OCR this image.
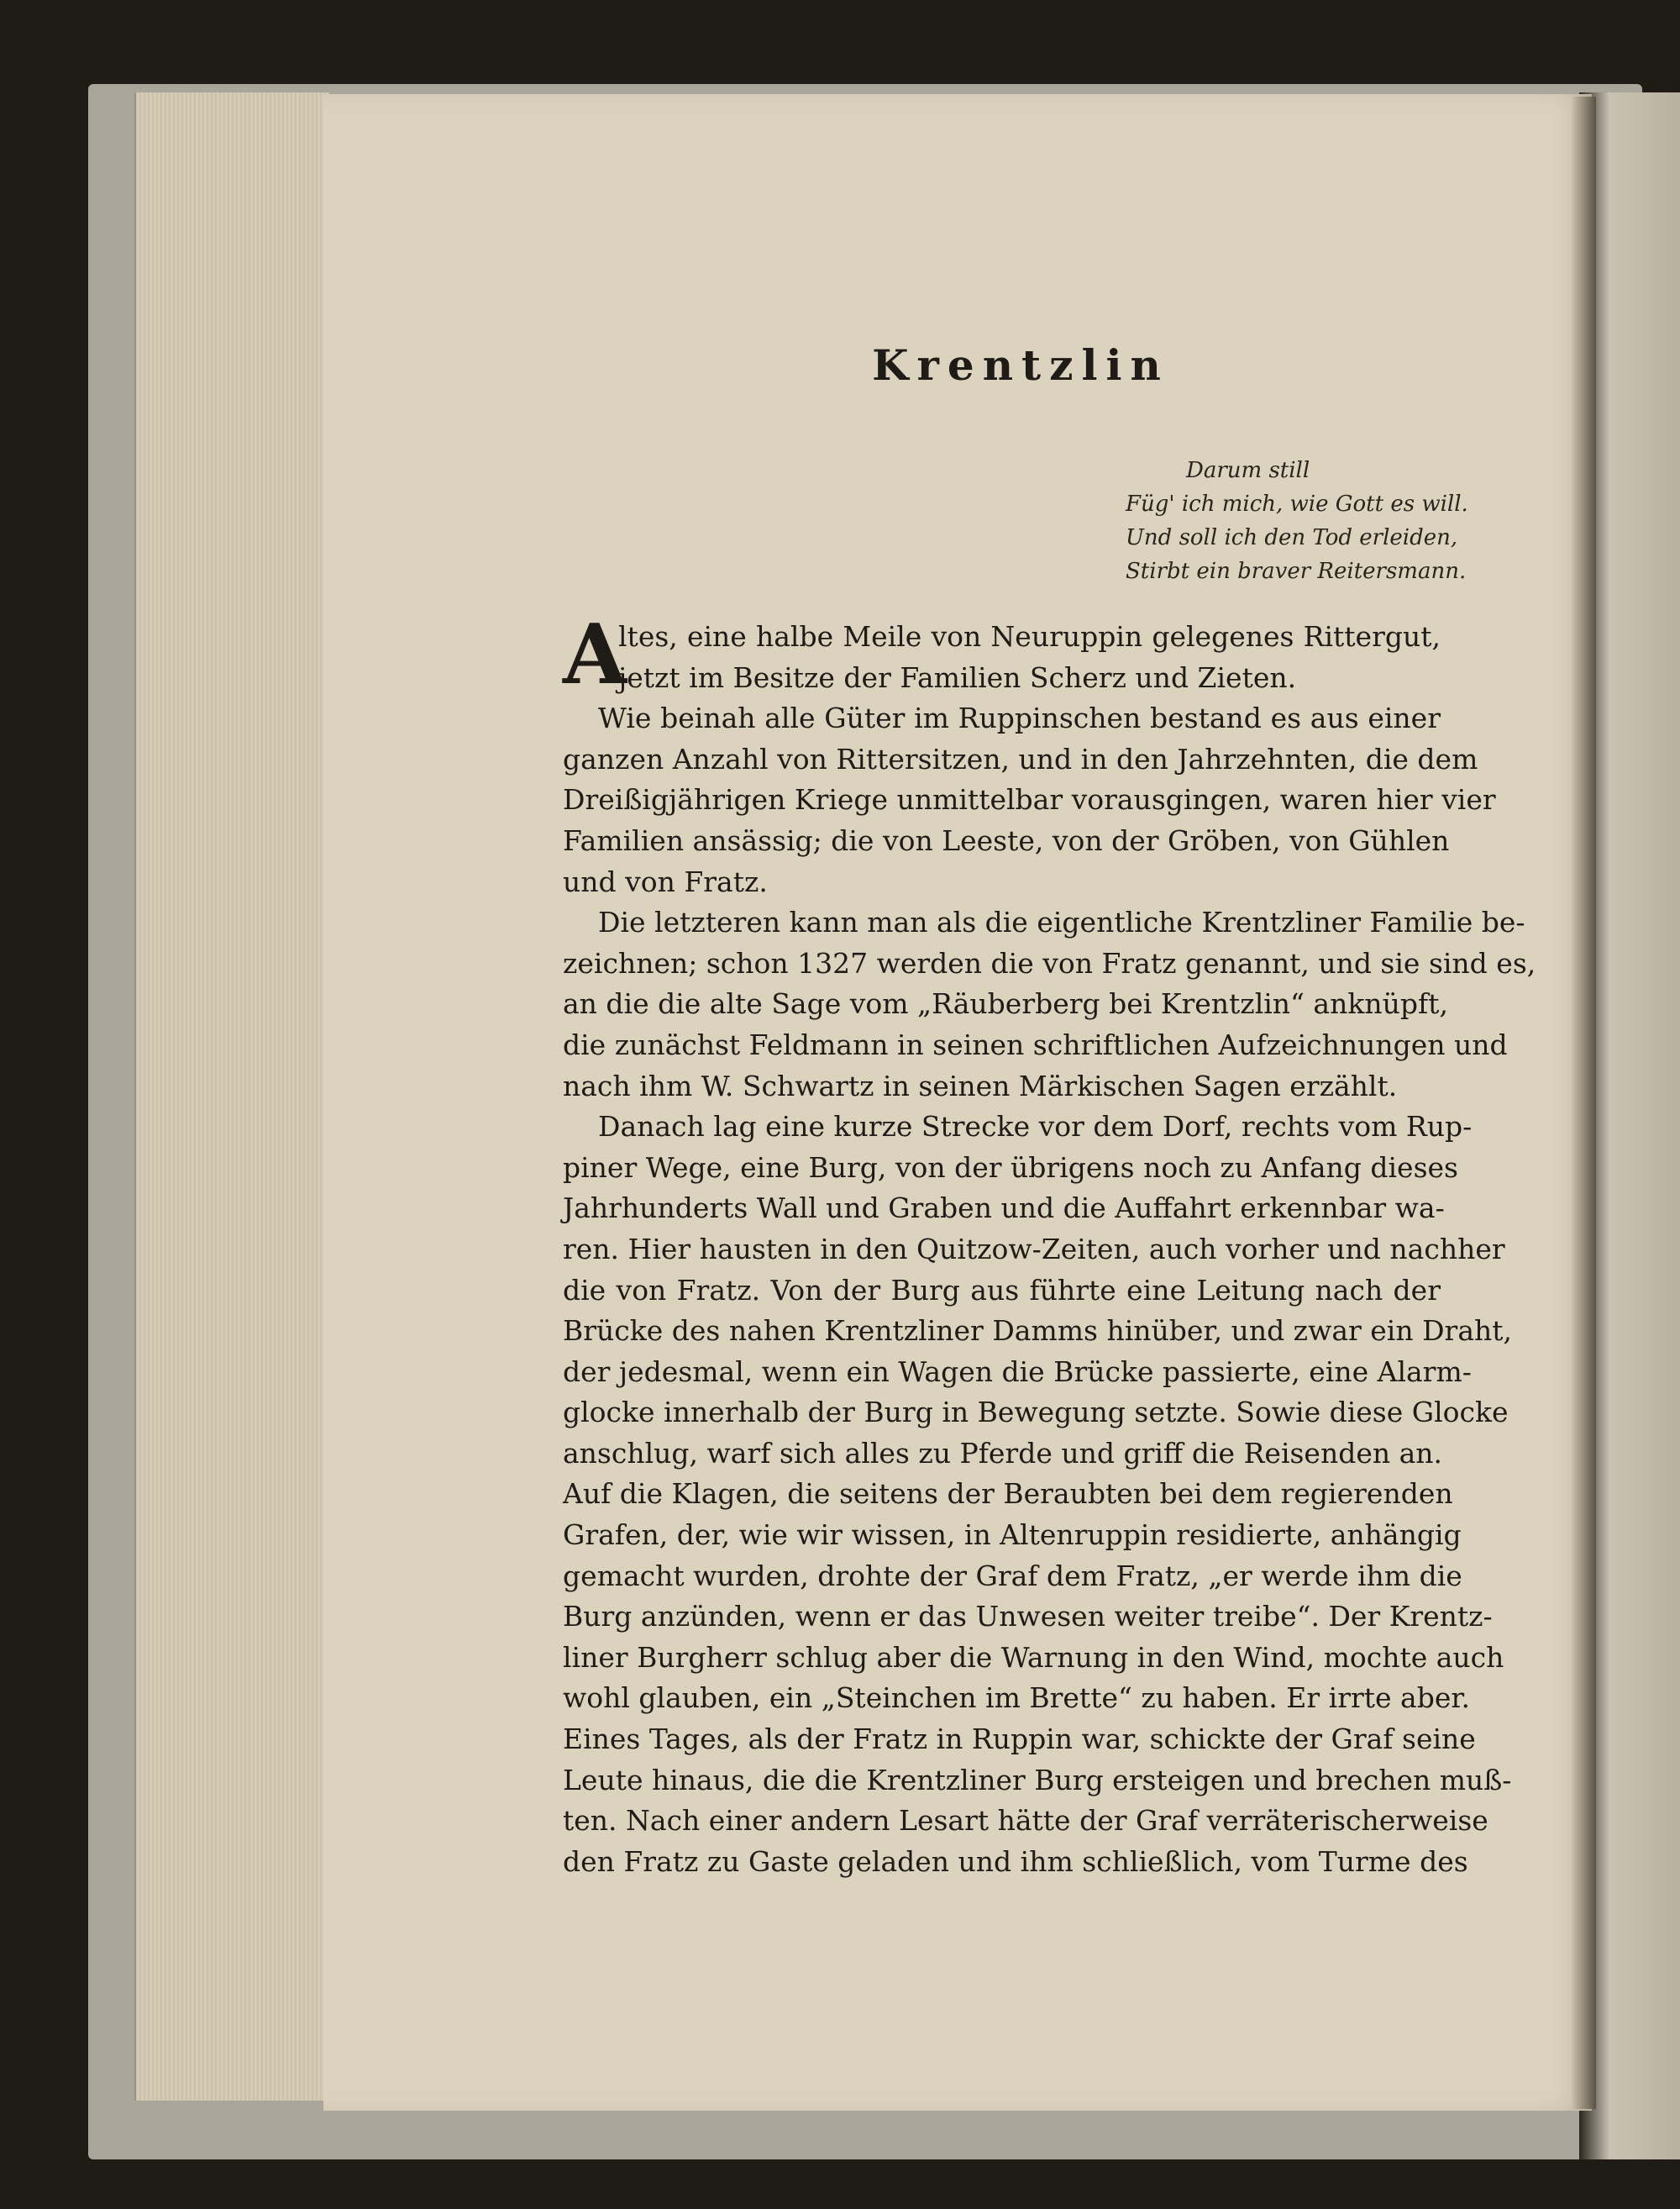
Krentzlin
Darum still
Füg' ich mich, wie Gott es will.
Und soll ich den Tod erleiden,
Stirbt ein braver Reitersmann.
A
ltes, eine halbe Meile von Neuruppin gelegenes Rittergut,
jetzt im Besitze der Familien Scherz und Zieten.
Wie beinah alle Güter im Ruppinschen bestand es aus einer
ganzen Anzahl von Rittersitzen, und in den Jahrzehnten, die dem
Dreißigjährigen Kriege unmittelbar vorausgingen, waren hier vier
Familien ansässig; die von Leeste, von der Gröben, von Gühlen
und von Fratz.
Die letzteren kann man als die eigentliche Krentzliner Familie be-
zeichnen; schon 1327 werden die von Fratz genannt, und sie sind es,
an die die alte Sage vom „Räuberberg bei Krentzlin“ anknüpft,
die zunächst Feldmann in seinen schriftlichen Aufzeichnungen und
nach ihm W. Schwartz in seinen Märkischen Sagen erzählt.
Danach lag eine kurze Strecke vor dem Dorf, rechts vom Rup-
piner Wege, eine Burg, von der übrigens noch zu Anfang dieses
Jahrhunderts Wall und Graben und die Auffahrt erkennbar wa-
ren. Hier hausten in den Quitzow-Zeiten, auch vorher und nachher
die von Fratz. Von der Burg aus führte eine Leitung nach der
Brücke des nahen Krentzliner Damms hinüber, und zwar ein Draht,
der jedesmal, wenn ein Wagen die Brücke passierte, eine Alarm-
glocke innerhalb der Burg in Bewegung setzte. Sowie diese Glocke
anschlug, warf sich alles zu Pferde und griff die Reisenden an.
Auf die Klagen, die seitens der Beraubten bei dem regierenden
Grafen, der, wie wir wissen, in Altenruppin residierte, anhängig
gemacht wurden, drohte der Graf dem Fratz, „er werde ihm die
Burg anzünden, wenn er das Unwesen weiter treibe“. Der Krentz-
liner Burgherr schlug aber die Warnung in den Wind, mochte auch
wohl glauben, ein „Steinchen im Brette“ zu haben. Er irrte aber.
Eines Tages, als der Fratz in Ruppin war, schickte der Graf seine
Leute hinaus, die die Krentzliner Burg ersteigen und brechen muß-
ten. Nach einer andern Lesart hätte der Graf verräterischerweise
den Fratz zu Gaste geladen und ihm schließlich, vom Turme des
